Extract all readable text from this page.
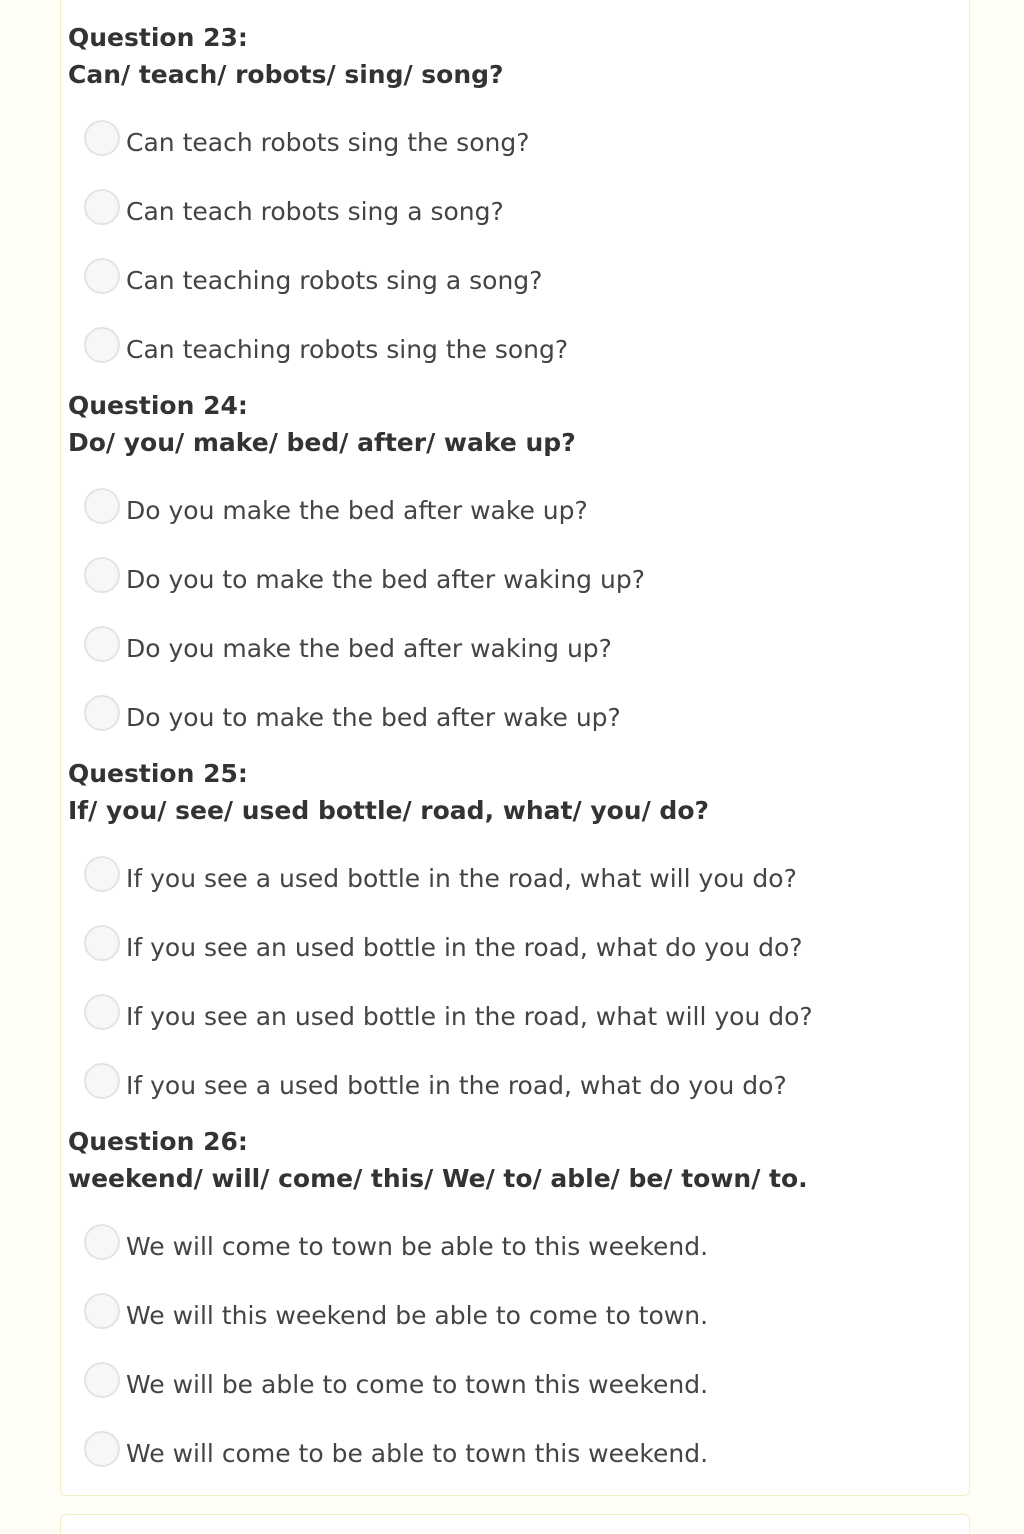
Question 23:
Can/ teach/ robots/ sing/ song?
Can teach robots sing the song?
Can teach robots sing a song?
Can teaching robots sing a song?
Can teaching robots sing the song?
Question 24:
Do/ you/ make/ bed/ after/ wake up?
Do you make the bed after wake up?
Do you to make the bed after waking up?
Do you make the bed after waking up?
Do you to make the bed after wake up?
Question 25:
If/ you/ see/ used bottle/ road, what/ you/ do?
If you see a used bottle in the road, what will you do?
If you see an used bottle in the road, what do you do?
If you see an used bottle in the road, what will you do?
If you see a used bottle in the road, what do you do?
Question 26:
weekend/ will/ come/ this/ We/ to/ able/ be/ town/ to.
We will come to town be able to this weekend.
We will this weekend be able to come to town.
We will be able to come to town this weekend.
We will come to be able to town this weekend.
